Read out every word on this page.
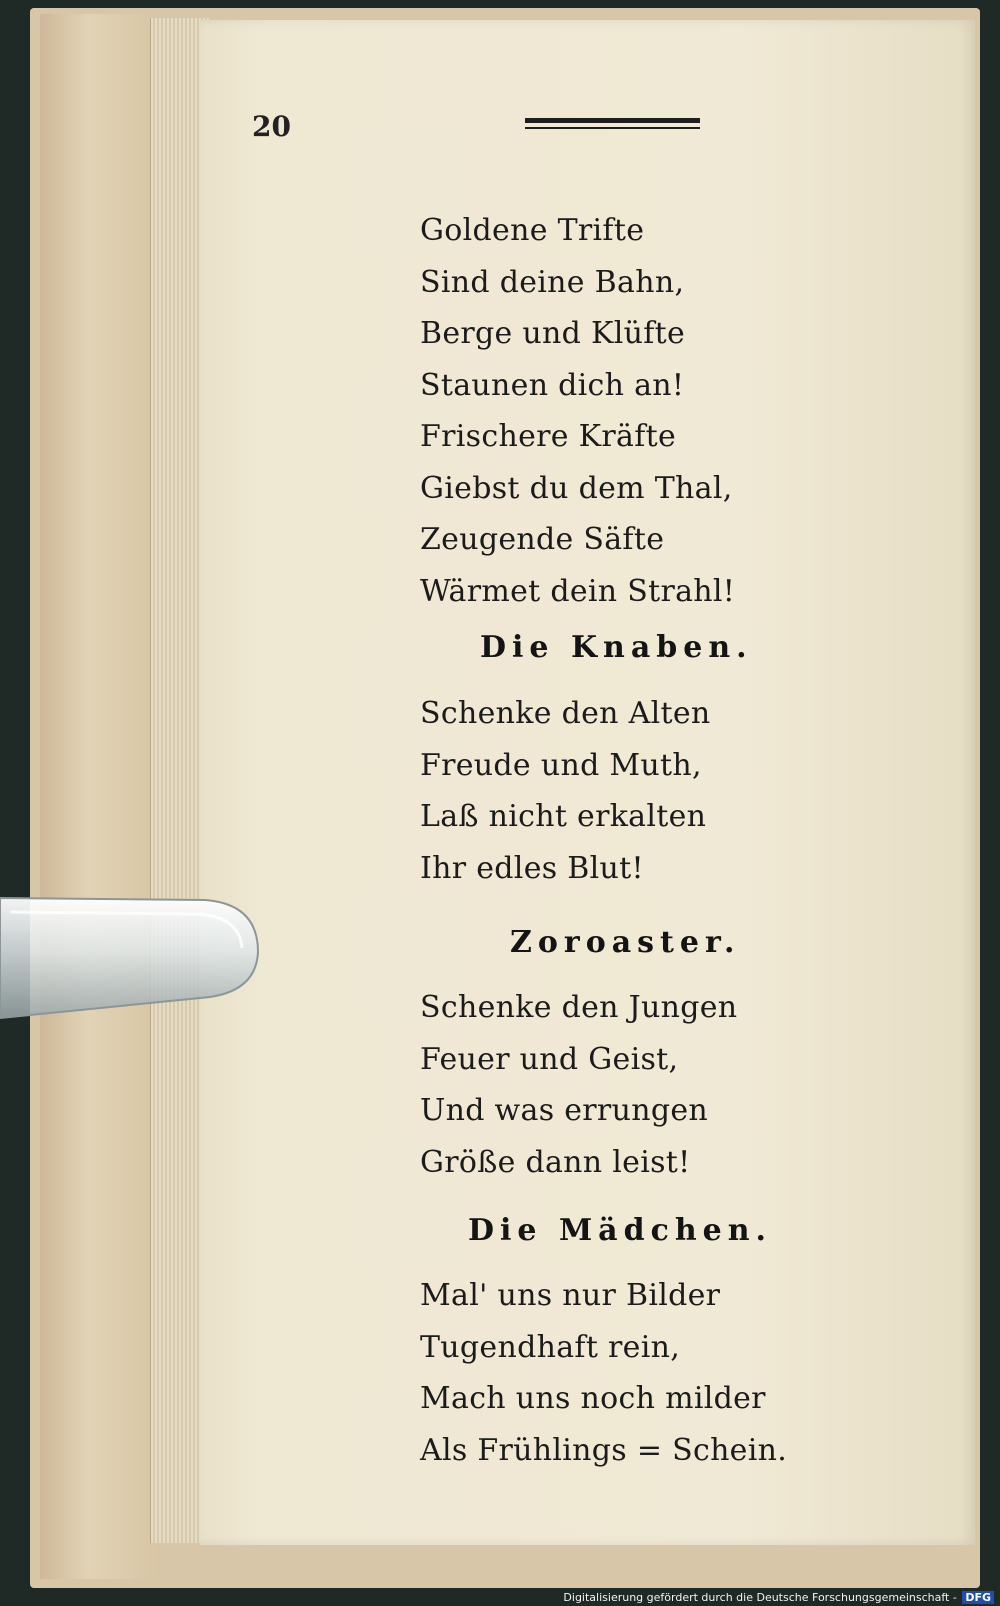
20
Goldene Trifte
Sind deine Bahn,
Berge und Klüfte
Staunen dich an!
Frischere Kräfte
Giebst du dem Thal,
Zeugende Säfte
Wärmet dein Strahl!
Die Knaben.
Schenke den Alten
Freude und Muth,
Laß nicht erkalten
Ihr edles Blut!
Zoroaster.
Schenke den Jungen
Feuer und Geist,
Und was errungen
Größe dann leist!
Die Mädchen.
Mal' uns nur Bilder
Tugendhaft rein,
Mach uns noch milder
Als Frühlings = Schein.
Digitalisierung gefördert durch die Deutsche Forschungsgemeinschaft - DFG
